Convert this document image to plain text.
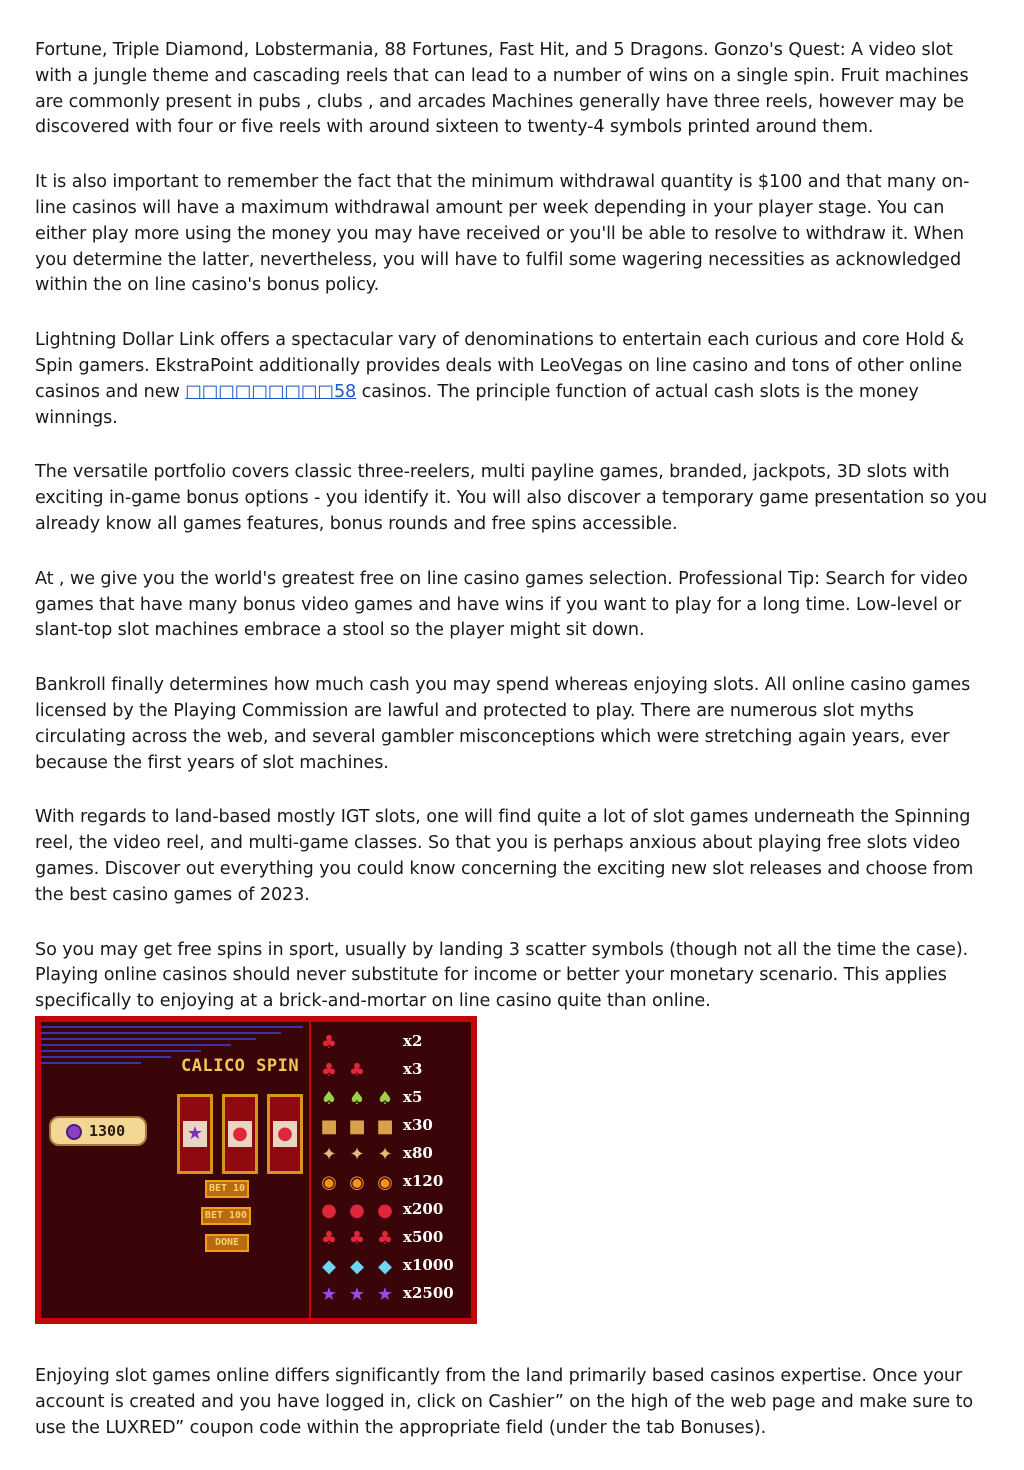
Fortune, Triple Diamond, Lobstermania, 88 Fortunes, Fast Hit, and 5 Dragons. Gonzo's Quest: A video slot with a jungle theme and cascading reels that can lead to a number of wins on a single spin. Fruit machines are commonly present in pubs , clubs , and arcades Machines generally have three reels, however may be discovered with four or five reels with around sixteen to twenty-4 symbols printed around them.

It is also important to remember the fact that the minimum withdrawal quantity is $100 and that many on-line casinos will have a maximum withdrawal amount per week depending in your player stage. You can either play more using the money you may have received or you'll be able to resolve to withdraw it. When you determine the latter, nevertheless, you will have to fulfil some wagering necessities as acknowledged within the on line casino's bonus policy.

Lightning Dollar Link offers a spectacular vary of denominations to entertain each curious and core Hold & Spin gamers. EkstraPoint additionally provides deals with LeoVegas on line casino and tons of other online casinos and new □□□□□□□□□58 casinos. The principle function of actual cash slots is the money winnings.

The versatile portfolio covers classic three-reelers, multi payline games, branded, jackpots, 3D slots with exciting in-game bonus options - you identify it. You will also discover a temporary game presentation so you already know all games features, bonus rounds and free spins accessible.

At , we give you the world's greatest free on line casino games selection. Professional Tip: Search for video games that have many bonus video games and have wins if you want to play for a long time. Low-level or slant-top slot machines embrace a stool so the player might sit down.

Bankroll finally determines how much cash you may spend whereas enjoying slots. All online casino games licensed by the Playing Commission are lawful and protected to play. There are numerous slot myths circulating across the web, and several gambler misconceptions which were stretching again years, ever because the first years of slot machines.

With regards to land-based mostly IGT slots, one will find quite a lot of slot games underneath the Spinning reel, the video reel, and multi-game classes. So that you is perhaps anxious about playing free slots video games. Discover out everything you could know concerning the exciting new slot releases and choose from the best casino games of 2023.

So you may get free spins in sport, usually by landing 3 scatter symbols (though not all the time the case). Playing online casinos should never substitute for income or better your monetary scenario. This applies specifically to enjoying at a brick-and-mortar on line casino quite than online.

CALICO SPIN
1300	★ ● ●
BET 10
BET 100
DONE
♣	x2
♣ ♣	x3
♠ ♠ ♠ x5
■ ■ ■ x30
✦ ✦ ✦ x80
◉ ◉ ◉ x120
● ● ● x200
♣ ♣ ♣ x500
◆ ◆ ◆ x1000
★ ★ ★ x2500

Enjoying slot games online differs significantly from the land primarily based casinos expertise. Once your account is created and you have logged in, click on Cashier” on the high of the web page and make sure to use the LUXRED” coupon code within the appropriate field (under the tab Bonuses).
